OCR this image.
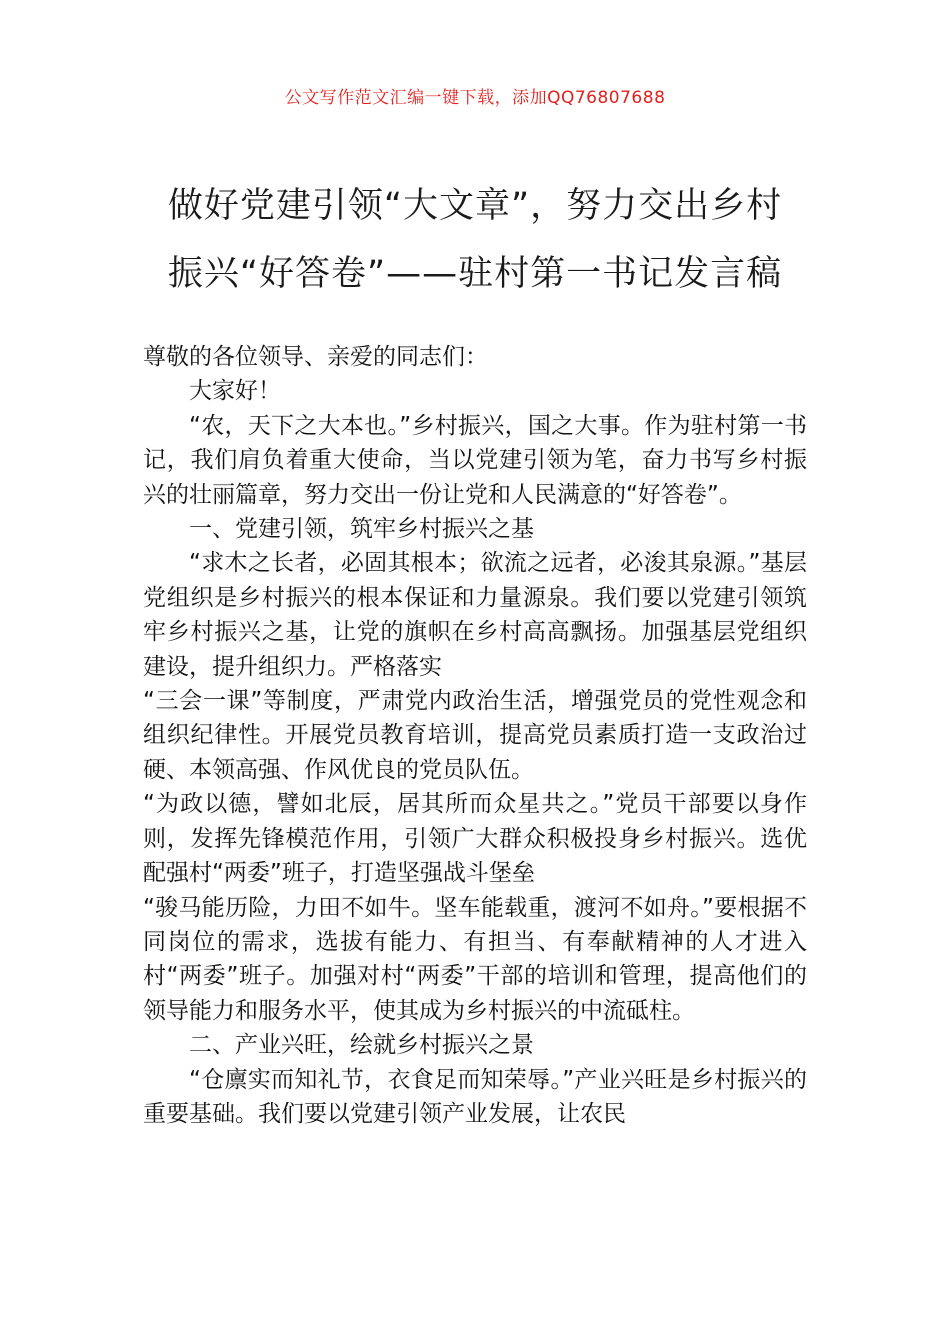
公文写作范文汇编一键下载，添加QQ76807688
做好党建引领“大文章”，努力交出乡村
振兴“好答卷”——驻村第一书记发言稿

尊敬的各位领导、亲爱的同志们：

大家好！

“农，天下之大本也。”乡村振兴，国之大事。作为驻村第一书记，我们肩负着重大使命，当以党建引领为笔，奋力书写乡村振兴的壮丽篇章，努力交出一份让党和人民满意的“好答卷”。

一、党建引领，筑牢乡村振兴之基

“求木之长者，必固其根本；欲流之远者，必浚其泉源。”基层党组织是乡村振兴的根本保证和力量源泉。我们要以党建引领筑牢乡村振兴之基，让党的旗帜在乡村高高飘扬。加强基层党组织建设，提升组织力。严格落实

“三会一课”等制度，严肃党内政治生活，增强党员的党性观念和组织纪律性。开展党员教育培训，提高党员素质打造一支政治过硬、本领高强、作风优良的党员队伍。

“为政以德，譬如北辰，居其所而众星共之。”党员干部要以身作则，发挥先锋模范作用，引领广大群众积极投身乡村振兴。选优配强村“两委”班子，打造坚强战斗堡垒

“骏马能历险，力田不如牛。坚车能载重，渡河不如舟。”要根据不同岗位的需求，选拔有能力、有担当、有奉献精神的人才进入村“两委”班子。加强对村“两委”干部的培训和管理，提高他们的领导能力和服务水平，使其成为乡村振兴的中流砥柱。

二、产业兴旺，绘就乡村振兴之景

“仓廪实而知礼节，衣食足而知荣辱。”产业兴旺是乡村振兴的重要基础。我们要以党建引领产业发展，让农民
